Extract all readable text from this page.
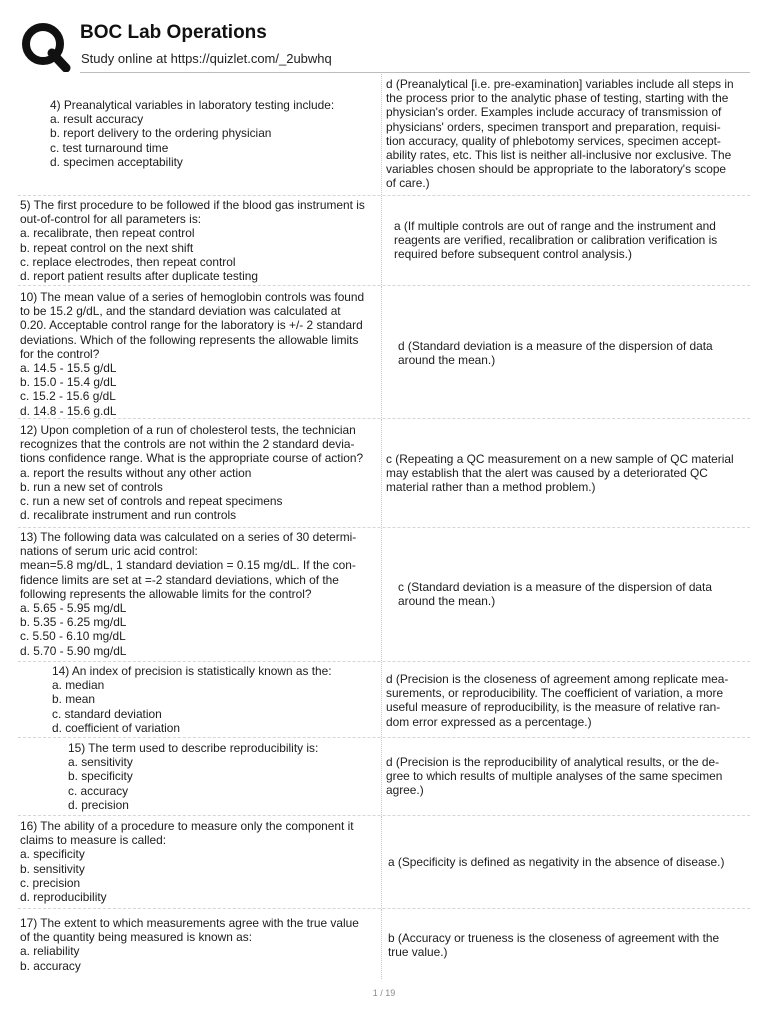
BOC Lab Operations
Study online at https://quizlet.com/_2ubwhq
4) Preanalytical variables in laboratory testing include:
a. result accuracy
b. report delivery to the ordering physician
c. test turnaround time
d. specimen acceptability
d (Preanalytical [i.e. pre-examination] variables include all steps in
the process prior to the analytic phase of testing, starting with the
physician's order. Examples include accuracy of transmission of
physicians' orders, specimen transport and preparation, requisi-
tion accuracy, quality of phlebotomy services, specimen accept-
ability rates, etc. This list is neither all-inclusive nor exclusive. The
variables chosen should be appropriate to the laboratory's scope
of care.)
5) The first procedure to be followed if the blood gas instrument is
out-of-control for all parameters is:
a. recalibrate, then repeat control
b. repeat control on the next shift
c. replace electrodes, then repeat control
d. report patient results after duplicate testing
a (If multiple controls are out of range and the instrument and
reagents are verified, recalibration or calibration verification is
required before subsequent control analysis.)
10) The mean value of a series of hemoglobin controls was found
to be 15.2 g/dL, and the standard deviation was calculated at
0.20. Acceptable control range for the laboratory is +/- 2 standard
deviations. Which of the following represents the allowable limits
for the control?
a. 14.5 - 15.5 g/dL
b. 15.0 - 15.4 g/dL
c. 15.2 - 15.6 g/dL
d. 14.8 - 15.6 g.dL
d (Standard deviation is a measure of the dispersion of data
around the mean.)
12) Upon completion of a run of cholesterol tests, the technician
recognizes that the controls are not within the 2 standard devia-
tions confidence range. What is the appropriate course of action?
a. report the results without any other action
b. run a new set of controls
c. run a new set of controls and repeat specimens
d. recalibrate instrument and run controls
c (Repeating a QC measurement on a new sample of QC material
may establish that the alert was caused by a deteriorated QC
material rather than a method problem.)
13) The following data was calculated on a series of 30 determi-
nations of serum uric acid control:
mean=5.8 mg/dL, 1 standard deviation = 0.15 mg/dL. If the con-
fidence limits are set at =-2 standard deviations, which of the
following represents the allowable limits for the control?
a. 5.65 - 5.95 mg/dL
b. 5.35 - 6.25 mg/dL
c. 5.50 - 6.10 mg/dL
d. 5.70 - 5.90 mg/dL
c (Standard deviation is a measure of the dispersion of data
around the mean.)
14) An index of precision is statistically known as the:
a. median
b. mean
c. standard deviation
d. coefficient of variation
d (Precision is the closeness of agreement among replicate mea-
surements, or reproducibility. The coefficient of variation, a more
useful measure of reproducibility, is the measure of relative ran-
dom error expressed as a percentage.)
15) The term used to describe reproducibility is:
a. sensitivity
b. specificity
c. accuracy
d. precision
d (Precision is the reproducibility of analytical results, or the de-
gree to which results of multiple analyses of the same specimen
agree.)
16) The ability of a procedure to measure only the component it
claims to measure is called:
a. specificity
b. sensitivity
c. precision
d. reproducibility
a (Specificity is defined as negativity in the absence of disease.)
17) The extent to which measurements agree with the true value
of the quantity being measured is known as:
a. reliability
b. accuracy
b (Accuracy or trueness is the closeness of agreement with the
true value.)
1 / 19
